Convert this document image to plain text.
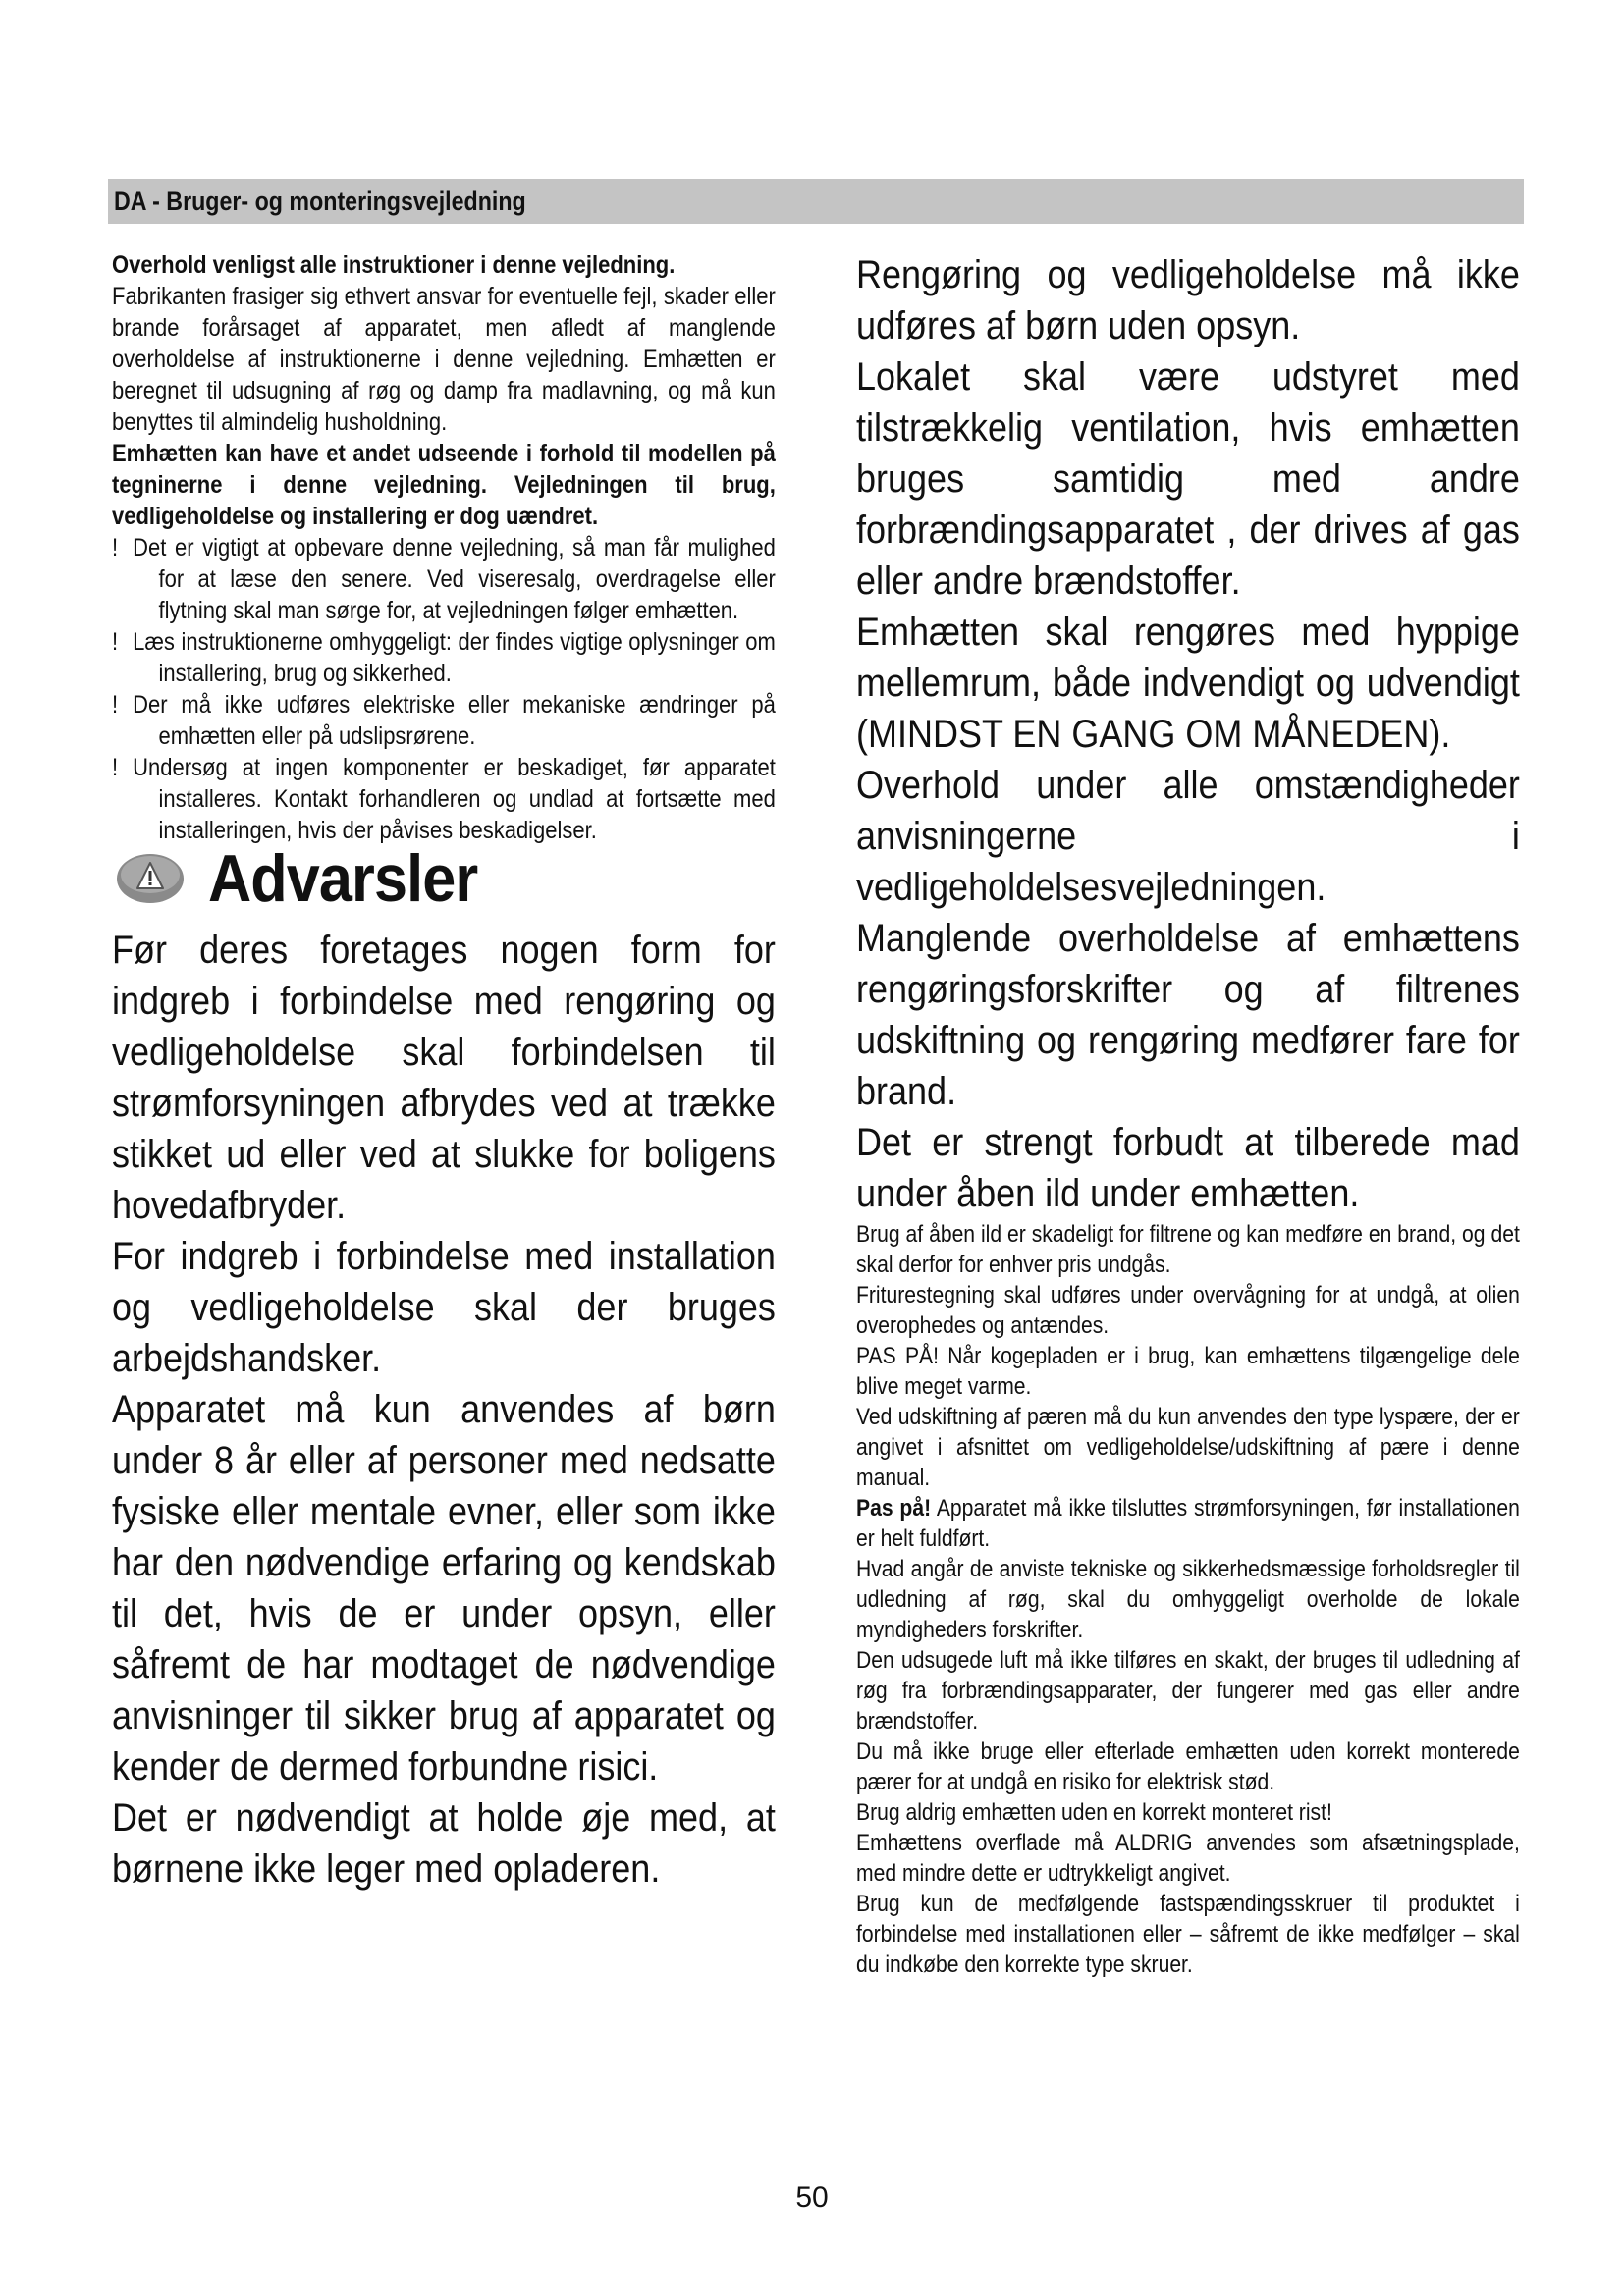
DA - Bruger- og monteringsvejledning

Overhold venligst alle instruktioner i denne vejledning.

Fabrikanten frasiger sig ethvert ansvar for eventuelle fejl, skader eller brande forårsaget af apparatet, men afledt af manglende overholdelse af instruktionerne i denne vejledning. Emhætten er beregnet til udsugning af røg og damp fra madlavning, og må kun benyttes til almindelig husholdning.

Emhætten kan have et andet udseende i forhold til modellen på tegninerne i denne vejledning. Vejledningen til brug, vedligeholdelse og installering er dog uændret.

! Det er vigtigt at opbevare denne vejledning, så man får mulighed for at læse den senere. Ved viseresalg, overdragelse eller flytning skal man sørge for, at vejledningen følger emhætten.
! Læs instruktionerne omhyggeligt: der findes vigtige oplysninger om installering, brug og sikkerhed.
! Der må ikke udføres elektriske eller mekaniske ændringer på emhætten eller på udslipsrørene.
! Undersøg at ingen komponenter er beskadiget, før apparatet installeres. Kontakt forhandleren og undlad at fortsætte med installeringen, hvis der påvises beskadigelser.
Advarsler

Før deres foretages nogen form for indgreb i forbindelse med rengøring og vedligeholdelse skal forbindelsen til strømforsyningen afbrydes ved at trække stikket ud eller ved at slukke for boligens hovedafbryder.

For indgreb i forbindelse med installation og vedligeholdelse skal der bruges arbejdshandsker.

Apparatet må kun anvendes af børn under 8 år eller af personer med nedsatte fysiske eller mentale evner, eller som ikke har den nødvendige erfaring og kendskab til det, hvis de er under opsyn, eller såfremt de har modtaget de nødvendige anvisninger til sikker brug af apparatet og kender de dermed forbundne risici.

Det er nødvendigt at holde øje med, at børnene ikke leger med opladeren.

Rengøring og vedligeholdelse må ikke udføres af børn uden opsyn.

Lokalet skal være udstyret med tilstrækkelig ventilation, hvis emhætten bruges samtidig med andre forbrændingsapparatet , der drives af gas eller andre brændstoffer.

Emhætten skal rengøres med hyppige mellemrum, både indvendigt og udvendigt (MINDST EN GANG OM MÅNEDEN).

Overhold under alle omstændigheder anvisningerne i vedligeholdelsesvejledningen.

Manglende overholdelse af emhættens rengøringsforskrifter og af filtrenes udskiftning og rengøring medfører fare for brand.

Det er strengt forbudt at tilberede mad under åben ild under emhætten.

Brug af åben ild er skadeligt for filtrene og kan medføre en brand, og det skal derfor for enhver pris undgås.

Friturestegning skal udføres under overvågning for at undgå, at olien overophedes og antændes.

PAS PÅ! Når kogepladen er i brug, kan emhættens tilgængelige dele blive meget varme.

Ved udskiftning af pæren må du kun anvendes den type lyspære, der er angivet i afsnittet om vedligeholdelse/udskiftning af pære i denne manual.

Pas på! Apparatet må ikke tilsluttes strømforsyningen, før installationen er helt fuldført.

Hvad angår de anviste tekniske og sikkerhedsmæssige forholdsregler til udledning af røg, skal du omhyggeligt overholde de lokale myndigheders forskrifter.

Den udsugede luft må ikke tilføres en skakt, der bruges til udledning af røg fra forbrændingsapparater, der fungerer med gas eller andre brændstoffer.

Du må ikke bruge eller efterlade emhætten uden korrekt monterede pærer for at undgå en risiko for elektrisk stød.

Brug aldrig emhætten uden en korrekt monteret rist!

Emhættens overflade må ALDRIG anvendes som afsætningsplade, med mindre dette er udtrykkeligt angivet.

Brug kun de medfølgende fastspændingsskruer til produktet i forbindelse med installationen eller – såfremt de ikke medfølger – skal du indkøbe den korrekte type skruer.

50
